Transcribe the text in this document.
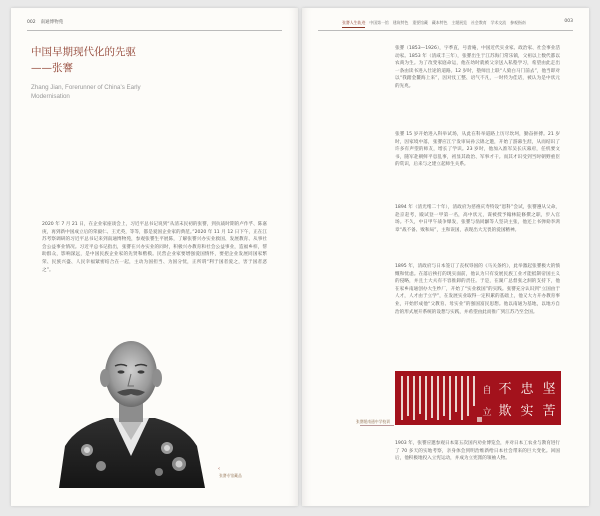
002 南通博物苑
中国早期现代化的先驱
——张謇
Zhang Jian, Forerunner of China’s Early Modernisation
2020 年 7 月 21 日，在企业家座谈会上，习近平总书记说到“从清末民初的张謇，到抗战时期的卢作孚、陈嘉庚，再到新中国成立后的荣毅仁、王光英，等等，都是爱国企业家的典范。”2020 年 11 月 12 日下午，正在江苏考察调研的习近平总书记来到南通博物苑，参观张謇生平展陈，了解张謇兴办实业救国、发展教育、从事社会公益事业情况。习近平总书记指出，张謇在兴办实业的同时，积极兴办教育和社会公益事业，造福乡梓，帮助群众，影响深远，是中国民族企业家的先贤和楷模。民营企业家要增强爱国情怀，要把企业发展同国家繁荣、民族兴盛、人民幸福紧密结合在一起，主动为国担当、为国分忧，正所谓“利于国者爱之，害于国者恶之”。
‹
张謇专馆藏品
张謇人生轨迹 中国第一馆 建筑特色 重要馆藏 藏本特色 主题展览 社会教育 学术交流 参观指南	003
张謇（1853—1926），字季直，号啬庵，中国近代实业家、政治家、社会事业活动家。1853 年（清咸丰三年），张謇出生于江苏海门常乐镇，父祖以上数代都以农商为生。为了改变家庭命运，他在幼时就被父亲送入私塾学习，希望由此走出一条由读书进入仕途的道路。12 岁时，塾师出上联“人骑白马门前去”，他当即对以“我踏金鳌海上来”，因对仗工整、语气不凡，一时传为佳话，被认为是中状元的先兆。
张謇 15 岁开始进入科举试场，从此在科举道路上历尽坎坷，勤奋拼搏。21 岁时，因家境中落，张謇应江宁发审局孙云锦之邀，开始了游幕生涯，从而结识了许多有声望的师友，增长了学识。23 岁时，他加入淮军吴长庆幕府，任机要文书，随军赴朝鲜平息乱事，初显其政治、军事才干。而其才识受到当时朝野重臣的赏识，后来与之建立起师生关系。
1894 年（清光绪二十年），清政府为慈禧庆寿特设“恩科”会试，张謇遵从父命，赴京赶考，殿试登一甲第一名，高中状元，谋被授予翰林院修撰之职，步入官场。不久，中日甲午战争爆发，张謇与翁同龢等人坚决主张，他还上书弹劾李鸿章“战不备、败和局”，主和误国，表现出大无畏的爱国精神。
1895 年，清政府与日本签订了丧权辱国的《马关条约》，此举激起张謇极大的愤慨和忧虑。在落后挨打的现实面前，他认为只有发展民族工业才能抵制帝国主义的侵略，并且土大夫有不容推卸的责任。于是，在湖广总督张之洞的支持下，他在家乡南通创办大生纱厂，开始了“实业救国”的实践。张謇充分认识到“立国由于人才，人才由于立学”，在发展实业取得一定积累的基础上，他又大力开办教育事业，开始形成他“父教育、母实业”的强国富民思想。他以南通为基地，以地方自治的形式展开系统的设想与实践，并希望由此而推广到江苏乃至全国。
坚
忠
不
苦
实
欺
自
立
张謇题南通中学校训
1903 年，张謇应邀参观日本第五次国内劝业博览会，并对日本工农业与教育进行了 70 多天的实地考察，亲身体会到明治维新给日本社会带来的巨大变化。回国后，他积极地投入立宪运动，并成为立宪派的领袖人物。
